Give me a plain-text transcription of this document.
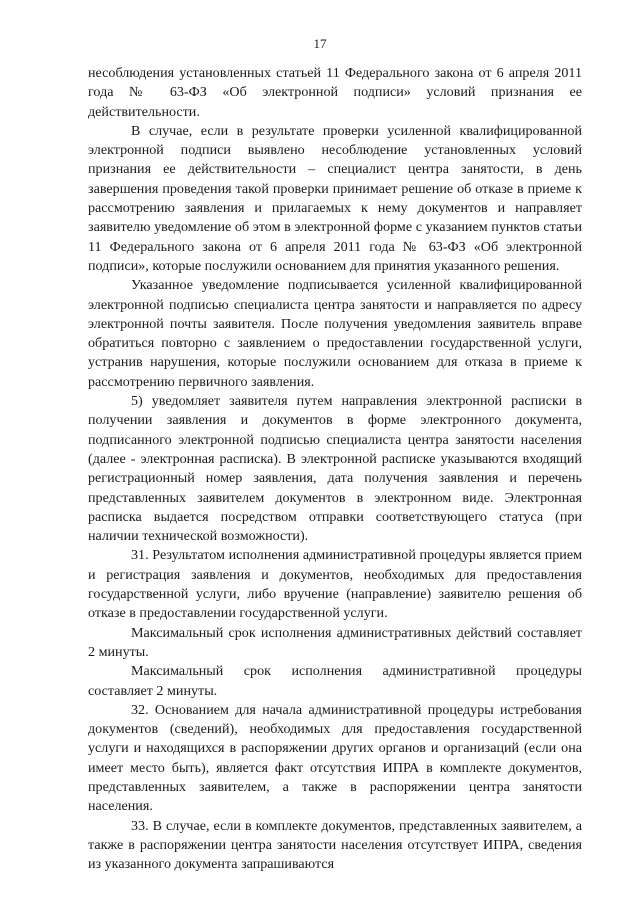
17

несоблюдения установленных статьей 11 Федерального закона от 6 апреля 2011 года № 63-ФЗ «Об электронной подписи» условий признания ее действительности.

В случае, если в результате проверки усиленной квалифицированной электронной подписи выявлено несоблюдение установленных условий признания ее действительности – специалист центра занятости, в день завершения проведения такой проверки принимает решение об отказе в приеме к рассмотрению заявления и прилагаемых к нему документов и направляет заявителю уведомление об этом в электронной форме с указанием пунктов статьи 11 Федерального закона от 6 апреля 2011 года № 63-ФЗ «Об электронной подписи», которые послужили основанием для принятия указанного решения.

Указанное уведомление подписывается усиленной квалифицированной электронной подписью специалиста центра занятости и направляется по адресу электронной почты заявителя. После получения уведомления заявитель вправе обратиться повторно с заявлением о предоставлении государственной услуги, устранив нарушения, которые послужили основанием для отказа в приеме к рассмотрению первичного заявления.

5) уведомляет заявителя путем направления электронной расписки в получении заявления и документов в форме электронного документа, подписанного электронной подписью специалиста центра занятости населения (далее - электронная расписка). В электронной расписке указываются входящий регистрационный номер заявления, дата получения заявления и перечень представленных заявителем документов в электронном виде. Электронная расписка выдается посредством отправки соответствующего статуса (при наличии технической возможности).

31. Результатом исполнения административной процедуры является прием и регистрация заявления и документов, необходимых для предоставления государственной услуги, либо вручение (направление) заявителю решения об отказе в предоставлении государственной услуги.

Максимальный срок исполнения административных действий составляет 2 минуты.

Максимальный срок исполнения административной процедуры составляет 2 минуты.

32. Основанием для начала административной процедуры истребования документов (сведений), необходимых для предоставления государственной услуги и находящихся в распоряжении других органов и организаций (если она имеет место быть), является факт отсутствия ИПРА в комплекте документов, представленных заявителем, а также в распоряжении центра занятости населения.

33. В случае, если в комплекте документов, представленных заявителем, а также в распоряжении центра занятости населения отсутствует ИПРА, сведения из указанного документа запрашиваются
